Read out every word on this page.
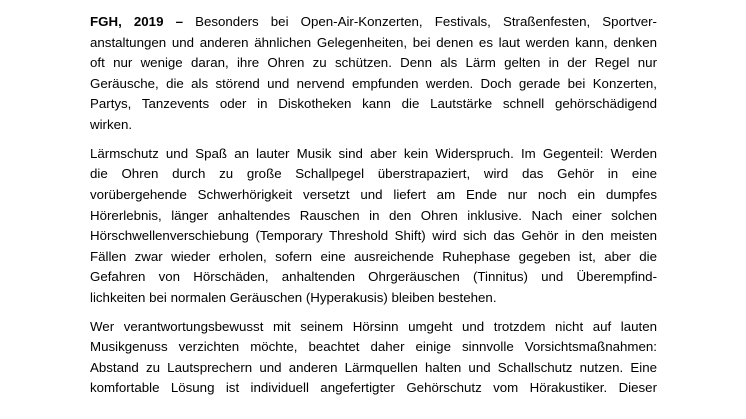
FGH, 2019 – Besonders bei Open-Air-Konzerten, Festivals, Straßenfesten, Sportver-
anstaltungen und anderen ähnlichen Gelegenheiten, bei denen es laut werden kann, denken
oft nur wenige daran, ihre Ohren zu schützen. Denn als Lärm gelten in der Regel nur
Geräusche, die als störend und nervend empfunden werden. Doch gerade bei Konzerten,
Partys, Tanzevents oder in Diskotheken kann die Lautstärke schnell gehörschädigend
wirken.
Lärmschutz und Spaß an lauter Musik sind aber kein Widerspruch. Im Gegenteil: Werden
die Ohren durch zu große Schallpegel überstrapaziert, wird das Gehör in eine
vorübergehende Schwerhörigkeit versetzt und liefert am Ende nur noch ein dumpfes
Hörerlebnis, länger anhaltendes Rauschen in den Ohren inklusive. Nach einer solchen
Hörschwellenverschiebung (Temporary Threshold Shift) wird sich das Gehör in den meisten
Fällen zwar wieder erholen, sofern eine ausreichende Ruhephase gegeben ist, aber die
Gefahren von Hörschäden, anhaltenden Ohrgeräuschen (Tinnitus) und Überempfind-
lichkeiten bei normalen Geräuschen (Hyperakusis) bleiben bestehen.
Wer verantwortungsbewusst mit seinem Hörsinn umgeht und trotzdem nicht auf lauten
Musikgenuss verzichten möchte, beachtet daher einige sinnvolle Vorsichtsmaßnahmen:
Abstand zu Lautsprechern und anderen Lärmquellen halten und Schallschutz nutzen. Eine
komfortable Lösung ist individuell angefertigter Gehörschutz vom Hörakustiker. Dieser
